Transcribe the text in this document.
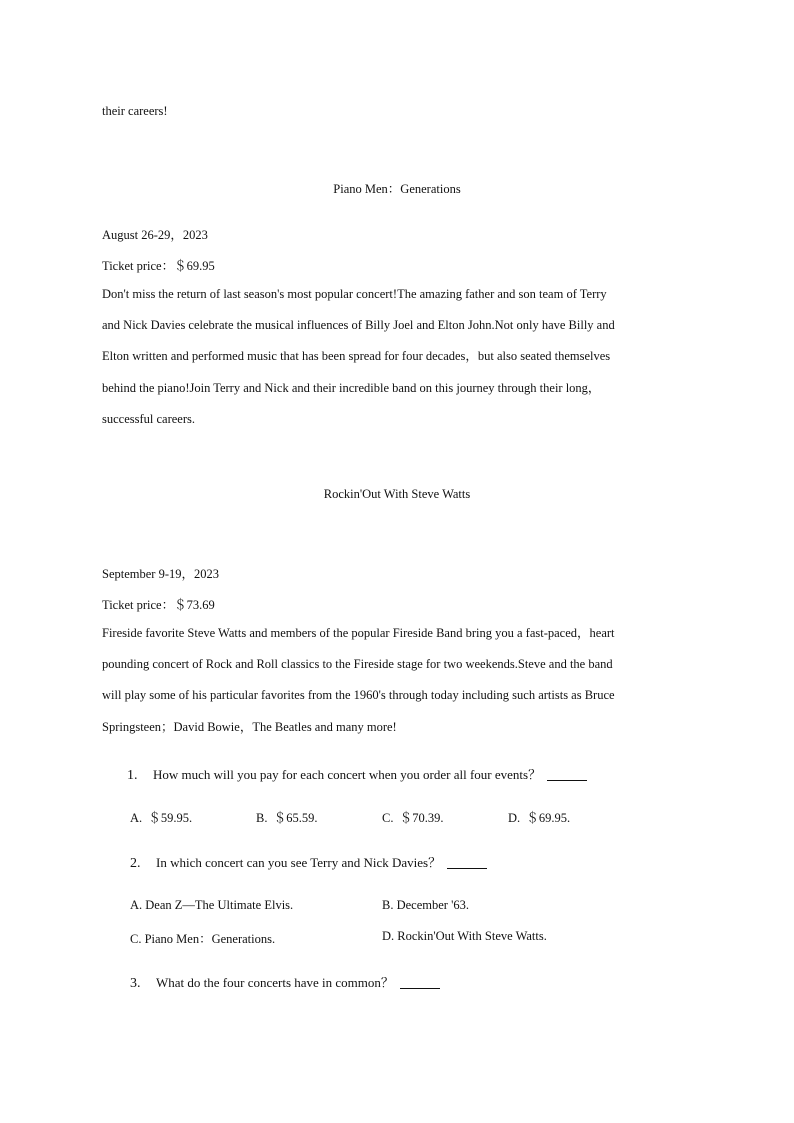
their careers!
Piano Men：Generations
August 26-29，2023
Ticket price：＄69.95
Don't miss the return of last season's most popular concert!The amazing father and son team of Terry
and Nick Davies celebrate the musical influences of Billy Joel and Elton John.Not only have Billy and
Elton written and performed music that has been spread for four decades，but also seated themselves
behind the piano!Join Terry and Nick and their incredible band on this journey through their long，
successful careers.
Rockin'Out With Steve Watts
September 9-19，2023
Ticket price：＄73.69
Fireside favorite Steve Watts and members of the popular Fireside Band bring you a fast-paced，heart
pounding concert of Rock and Roll classics to the Fireside stage for two weekends.Steve and the band
will play some of his particular favorites from the 1960's through today including such artists as Bruce
Springsteen；David Bowie，The Beatles and many more!
1. How much will you pay for each concert when you order all four events？
A.  ＄59.95.	B.  ＄65.59.	C.  ＄70.39.	D.  ＄69.95.
2. In which concert can you see Terry and Nick Davies？
A. Dean Z—The Ultimate Elvis.	B. December '63.
C. Piano Men：Generations.	D. Rockin'Out With Steve Watts.
3. What do the four concerts have in common？
